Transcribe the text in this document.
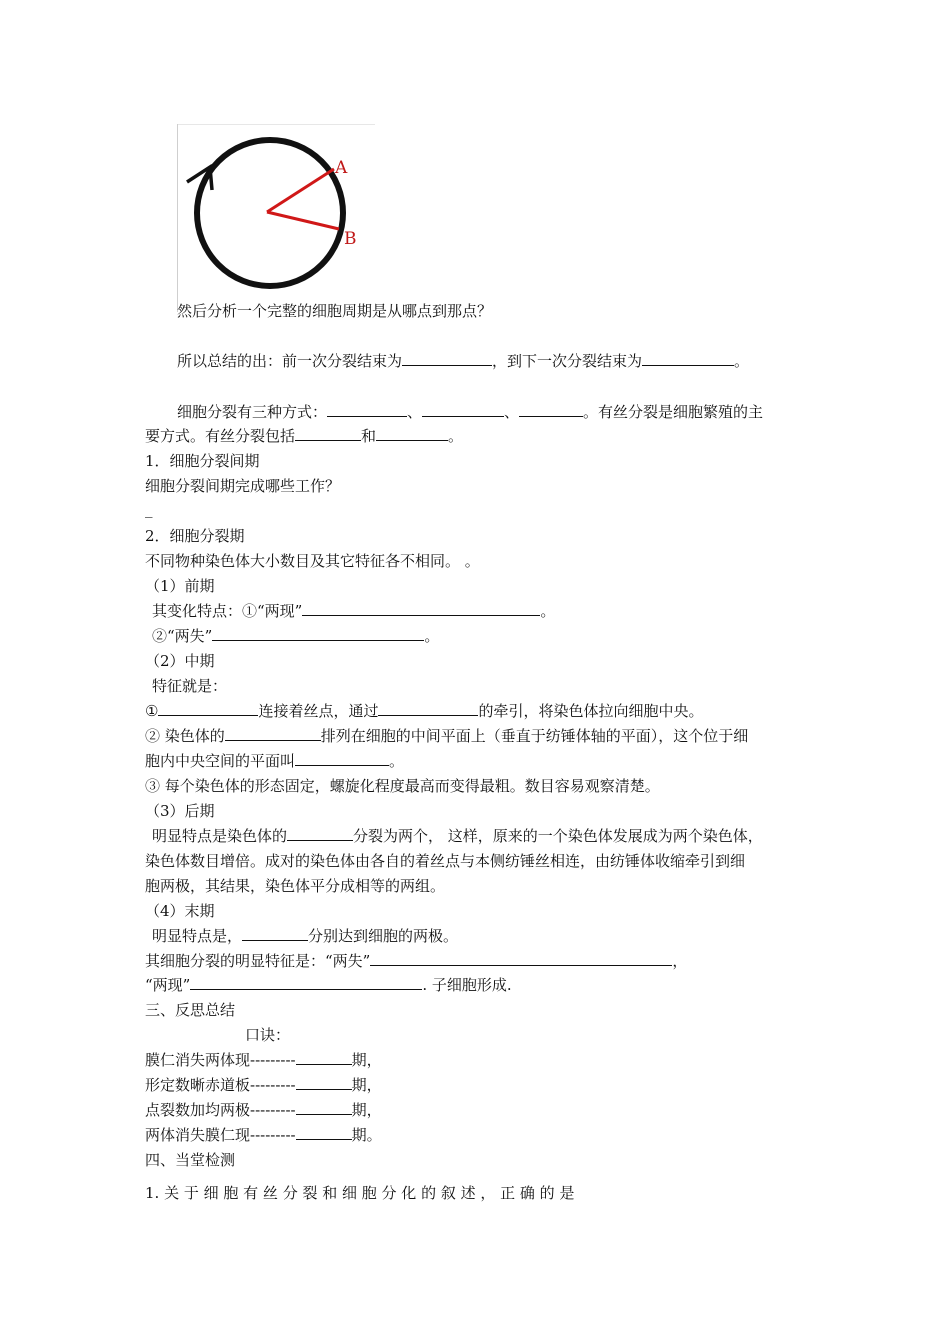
A
B
然后分析一个完整的细胞周期是从哪点到那点？
所以总结的出：前一次分裂结束为	，到下一次分裂结束为	。
细胞分裂有三种方式：	、	、	。有丝分裂是细胞繁殖的主
要方式。有丝分裂包括	和	。
1．细胞分裂间期
细胞分裂间期完成哪些工作？
_
2．细胞分裂期
不同物种染色体大小数目及其它特征各不相同。 。
（1）前期
其变化特点：①“两现”	。
②“两失”	。
（2）中期
特征就是：
①	连接着丝点，通过	的牵引，将染色体拉向细胞中央。
② 染色体的	排列在细胞的中间平面上（垂直于纺锤体轴的平面），这个位于细
胞内中央空间的平面叫	。
③ 每个染色体的形态固定，螺旋化程度最高而变得最粗。数目容易观察清楚。
（3）后期
明显特点是染色体的	分裂为两个， 这样，原来的一个染色体发展成为两个染色体，
染色体数目增倍。成对的染色体由各自的着丝点与本侧纺锤丝相连，由纺锤体收缩牵引到细
胞两极，其结果，染色体平分成相等的两组。
（4）末期
明显特点是，	分别达到细胞的两极。
其细胞分裂的明显特征是：“两失”	，
“两现”	. 子细胞形成.
三、反思总结
口诀：
膜仁消失两体现---------	期，
形定数晰赤道板---------	期，
点裂数加均两极---------	期，
两体消失膜仁现---------	期。
四、当堂检测
1. 关 于 细 胞 有 丝 分 裂 和 细 胞 分 化 的 叙 述 ， 正 确 的 是
